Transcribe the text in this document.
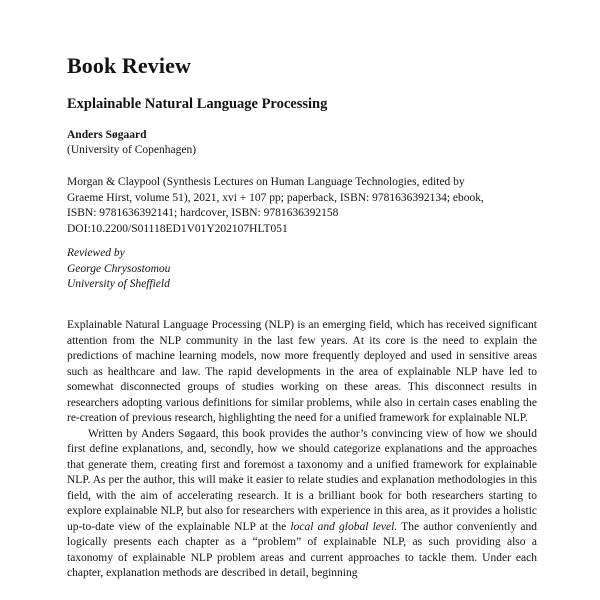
Book Review
Explainable Natural Language Processing
Anders Søgaard
(University of Copenhagen)
Morgan & Claypool (Synthesis Lectures on Human Language Technologies, edited by
Graeme Hirst, volume 51), 2021, xvi + 107 pp; paperback, ISBN: 9781636392134; ebook,
ISBN: 9781636392141; hardcover, ISBN: 9781636392158
DOI:10.2200/S01118ED1V01Y202107HLT051
Reviewed by
George Chrysostomou
University of Sheffield

Explainable Natural Language Processing (NLP) is an emerging field, which has received significant attention from the NLP community in the last few years. At its core is the need to explain the predictions of machine learning models, now more frequently deployed and used in sensitive areas such as healthcare and law. The rapid developments in the area of explainable NLP have led to somewhat disconnected groups of studies working on these areas. This disconnect results in researchers adopting various definitions for similar problems, while also in certain cases enabling the re-creation of previous research, highlighting the need for a unified framework for explainable NLP.

Written by Anders Søgaard, this book provides the author’s convincing view of how we should first define explanations, and, secondly, how we should categorize explanations and the approaches that generate them, creating first and foremost a taxonomy and a unified framework for explainable NLP. As per the author, this will make it easier to relate studies and explanation methodologies in this field, with the aim of accelerating research. It is a brilliant book for both researchers starting to explore explainable NLP, but also for researchers with experience in this area, as it provides a holistic up-to-date view of the explainable NLP at the local and global level. The author conveniently and logically presents each chapter as a “problem” of explainable NLP, as such providing also a taxonomy of explainable NLP problem areas and current approaches to tackle them. Under each chapter, explanation methods are described in detail, beginning
